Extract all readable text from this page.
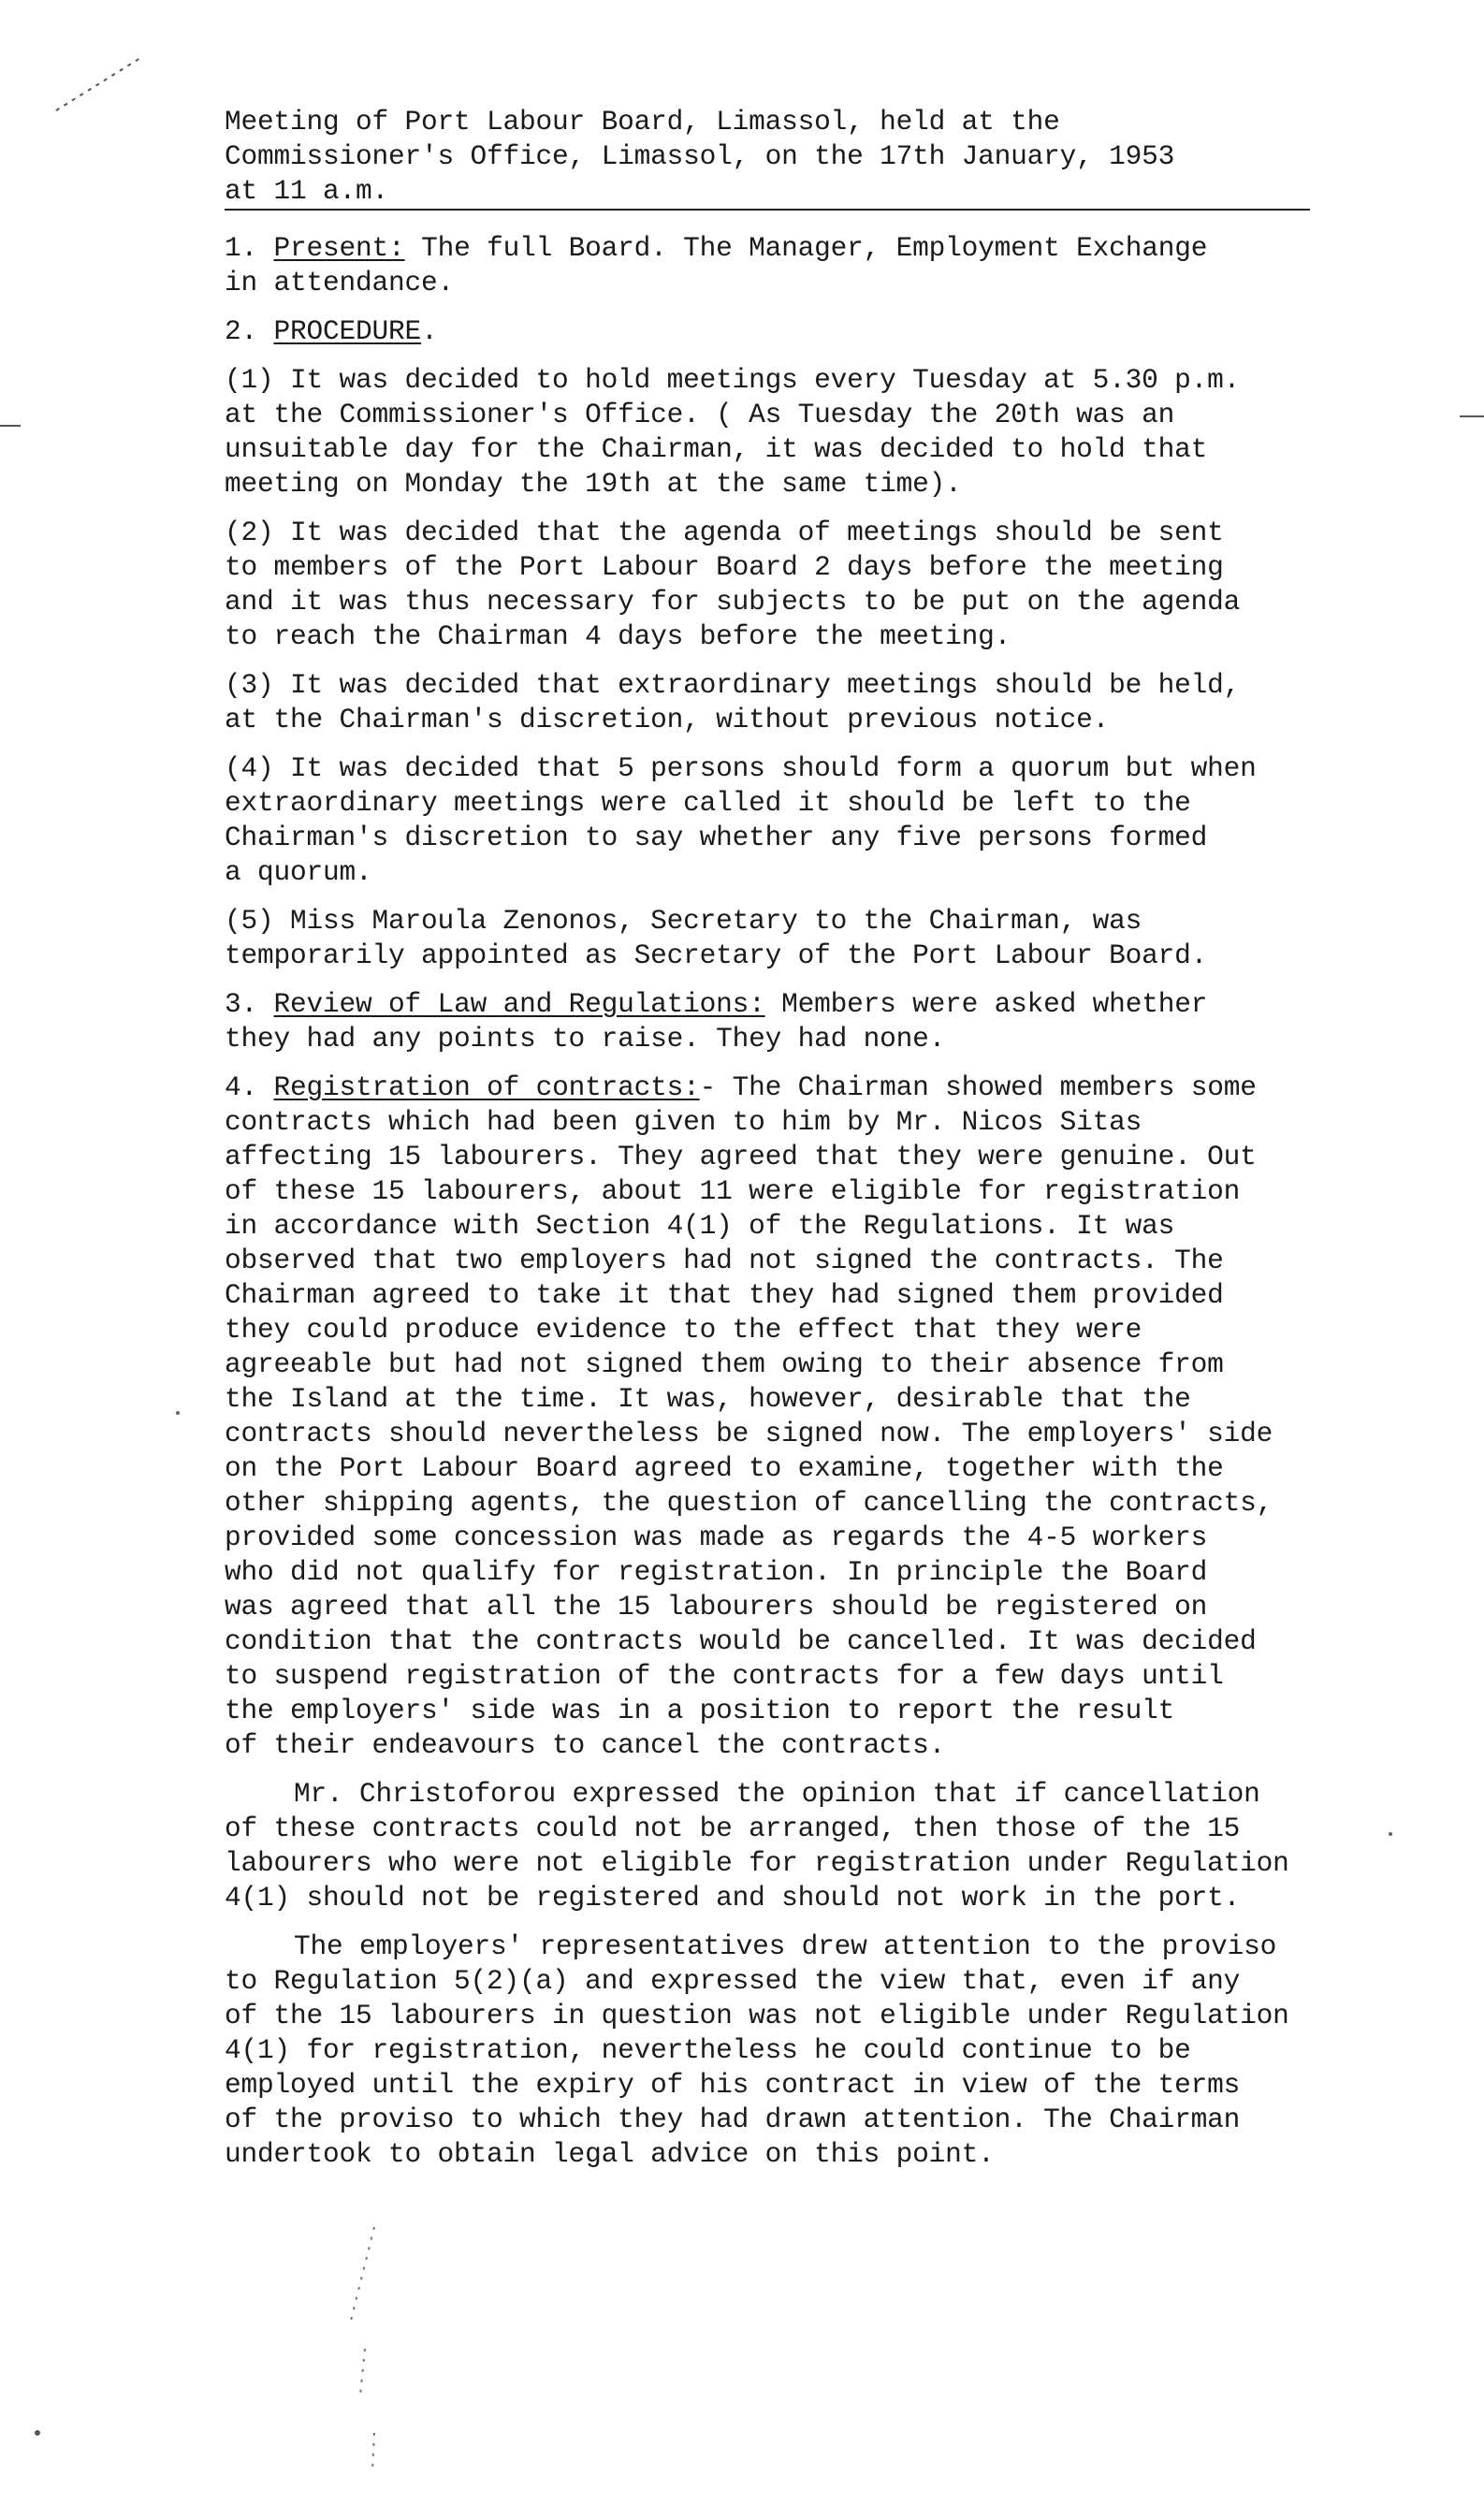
Meeting of Port Labour Board, Limassol, held at the
Commissioner's Office, Limassol, on the 17th January, 1953
at 11 a.m.
1. Present: The full Board. The Manager, Employment Exchange
in attendance.
2. PROCEDURE.
(1) It was decided to hold meetings every Tuesday at 5.30 p.m.
at the Commissioner's Office. ( As Tuesday the 20th was an
unsuitable day for the Chairman, it was decided to hold that
meeting on Monday the 19th at the same time).
(2) It was decided that the agenda of meetings should be sent
to members of the Port Labour Board 2 days before the meeting
and it was thus necessary for subjects to be put on the agenda
to reach the Chairman 4 days before the meeting.
(3) It was decided that extraordinary meetings should be held,
at the Chairman's discretion, without previous notice.
(4) It was decided that 5 persons should form a quorum but when
extraordinary meetings were called it should be left to the
Chairman's discretion to say whether any five persons formed
a quorum.
(5) Miss Maroula Zenonos, Secretary to the Chairman, was
temporarily appointed as Secretary of the Port Labour Board.
3. Review of Law and Regulations: Members were asked whether
they had any points to raise. They had none.
4. Registration of contracts:- The Chairman showed members some
contracts which had been given to him by Mr. Nicos Sitas
affecting 15 labourers. They agreed that they were genuine. Out
of these 15 labourers, about 11 were eligible for registration
in accordance with Section 4(1) of the Regulations. It was
observed that two employers had not signed the contracts. The
Chairman agreed to take it that they had signed them provided
they could produce evidence to the effect that they were
agreeable but had not signed them owing to their absence from
the Island at the time. It was, however, desirable that the
contracts should nevertheless be signed now. The employers' side
on the Port Labour Board agreed to examine, together with the
other shipping agents, the question of cancelling the contracts,
provided some concession was made as regards the 4-5 workers
who did not qualify for registration. In principle the Board
was agreed that all the 15 labourers should be registered on
condition that the contracts would be cancelled. It was decided
to suspend registration of the contracts for a few days until
the employers' side was in a position to report the result
of their endeavours to cancel the contracts.
Mr. Christoforou expressed the opinion that if cancellation
of these contracts could not be arranged, then those of the 15
labourers who were not eligible for registration under Regulation
4(1) should not be registered and should not work in the port.
The employers' representatives drew attention to the proviso
to Regulation 5(2)(a) and expressed the view that, even if any
of the 15 labourers in question was not eligible under Regulation
4(1) for registration, nevertheless he could continue to be
employed until the expiry of his contract in view of the terms
of the proviso to which they had drawn attention. The Chairman
undertook to obtain legal advice on this point.
